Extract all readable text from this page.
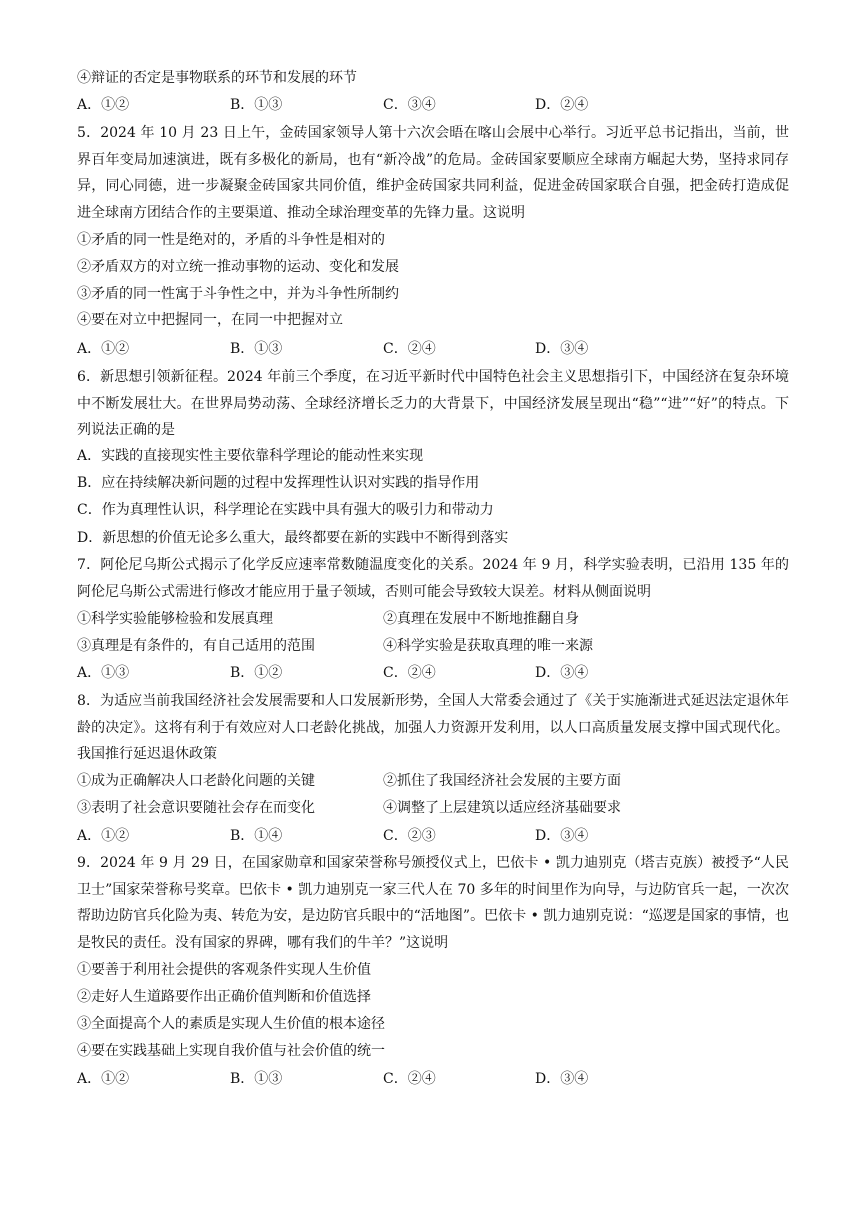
④辩证的否定是事物联系的环节和发展的环节
A．①②	B．①③	C．③④	D．②④
5．2024 年 10 月 23 日上午，金砖国家领导人第十六次会晤在喀山会展中心举行。习近平总书记指出，当前，世界百年变局加速演进，既有多极化的新局，也有“新冷战”的危局。金砖国家要顺应全球南方崛起大势，坚持求同存异，同心同德，进一步凝聚金砖国家共同价值，维护金砖国家共同利益，促进金砖国家联合自强，把金砖打造成促进全球南方团结合作的主要渠道、推动全球治理变革的先锋力量。这说明
①矛盾的同一性是绝对的，矛盾的斗争性是相对的
②矛盾双方的对立统一推动事物的运动、变化和发展
③矛盾的同一性寓于斗争性之中，并为斗争性所制约
④要在对立中把握同一，在同一中把握对立
A．①②	B．①③	C．②④	D．③④
6．新思想引领新征程。2024 年前三个季度，在习近平新时代中国特色社会主义思想指引下，中国经济在复杂环境中不断发展壮大。在世界局势动荡、全球经济增长乏力的大背景下，中国经济发展呈现出“稳”“进”“好”的特点。下列说法正确的是
A．实践的直接现实性主要依靠科学理论的能动性来实现
B．应在持续解决新问题的过程中发挥理性认识对实践的指导作用
C．作为真理性认识，科学理论在实践中具有强大的吸引力和带动力
D．新思想的价值无论多么重大，最终都要在新的实践中不断得到落实
7．阿伦尼乌斯公式揭示了化学反应速率常数随温度变化的关系。2024 年 9 月，科学实验表明，已沿用 135 年的阿伦尼乌斯公式需进行修改才能应用于量子领域，否则可能会导致较大误差。材料从侧面说明
①科学实验能够检验和发展真理	②真理在发展中不断地推翻自身
③真理是有条件的，有自己适用的范围	④科学实验是获取真理的唯一来源
A．①③	B．①②	C．②④	D．③④
8．为适应当前我国经济社会发展需要和人口发展新形势，全国人大常委会通过了《关于实施渐进式延迟法定退休年龄的决定》。这将有利于有效应对人口老龄化挑战，加强人力资源开发利用，以人口高质量发展支撑中国式现代化。我国推行延迟退休政策
①成为正确解决人口老龄化问题的关键	②抓住了我国经济社会发展的主要方面
③表明了社会意识要随社会存在而变化	④调整了上层建筑以适应经济基础要求
A．①②	B．①④	C．②③	D．③④
9．2024 年 9 月 29 日，在国家勋章和国家荣誉称号颁授仪式上，巴依卡 • 凯力迪别克（塔吉克族）被授予“人民卫士”国家荣誉称号奖章。巴依卡 • 凯力迪别克一家三代人在 70 多年的时间里作为向导，与边防官兵一起，一次次帮助边防官兵化险为夷、转危为安，是边防官兵眼中的“活地图”。巴依卡 • 凯力迪别克说：“巡逻是国家的事情，也是牧民的责任。没有国家的界碑，哪有我们的牛羊？”这说明
①要善于利用社会提供的客观条件实现人生价值
②走好人生道路要作出正确价值判断和价值选择
③全面提高个人的素质是实现人生价值的根本途径
④要在实践基础上实现自我价值与社会价值的统一
A．①②	B．①③	C．②④	D．③④
